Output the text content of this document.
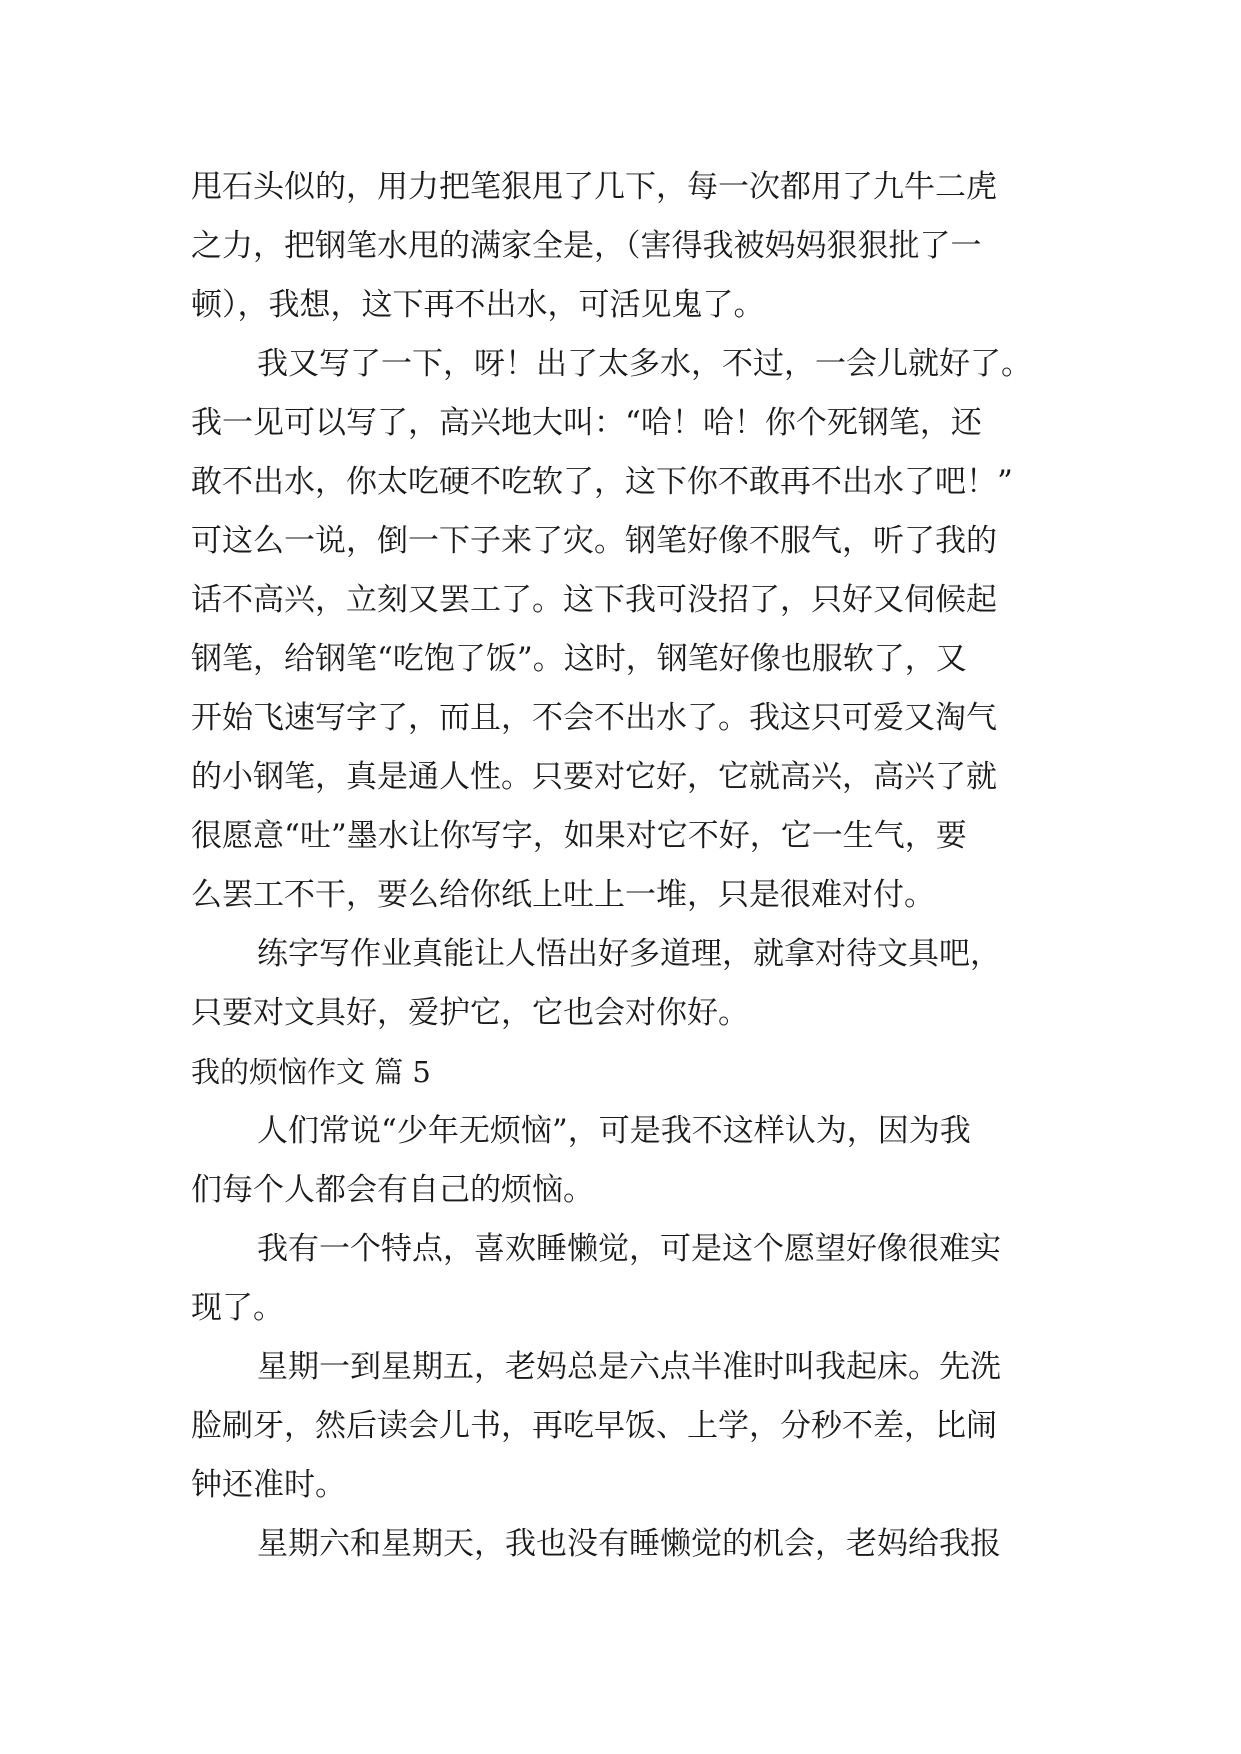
甩石头似的，用力把笔狠甩了几下，每一次都用了九牛二虎
之力，把钢笔水甩的满家全是，（害得我被妈妈狠狠批了一
顿），我想，这下再不出水，可活见鬼了。
我又写了一下，呀！出了太多水，不过，一会儿就好了。
我一见可以写了，高兴地大叫：“哈！哈！你个死钢笔，还
敢不出水，你太吃硬不吃软了，这下你不敢再不出水了吧！”
可这么一说，倒一下子来了灾。钢笔好像不服气，听了我的
话不高兴，立刻又罢工了。这下我可没招了，只好又伺候起
钢笔，给钢笔“吃饱了饭”。这时，钢笔好像也服软了，又
开始飞速写字了，而且，不会不出水了。我这只可爱又淘气
的小钢笔，真是通人性。只要对它好，它就高兴，高兴了就
很愿意“吐”墨水让你写字，如果对它不好，它一生气，要
么罢工不干，要么给你纸上吐上一堆，只是很难对付。
练字写作业真能让人悟出好多道理，就拿对待文具吧，
只要对文具好，爱护它，它也会对你好。
我的烦恼作文 篇 5
人们常说“少年无烦恼”，可是我不这样认为，因为我
们每个人都会有自己的烦恼。
我有一个特点，喜欢睡懒觉，可是这个愿望好像很难实
现了。
星期一到星期五，老妈总是六点半准时叫我起床。先洗
脸刷牙，然后读会儿书，再吃早饭、上学，分秒不差，比闹
钟还准时。
星期六和星期天，我也没有睡懒觉的机会，老妈给我报
